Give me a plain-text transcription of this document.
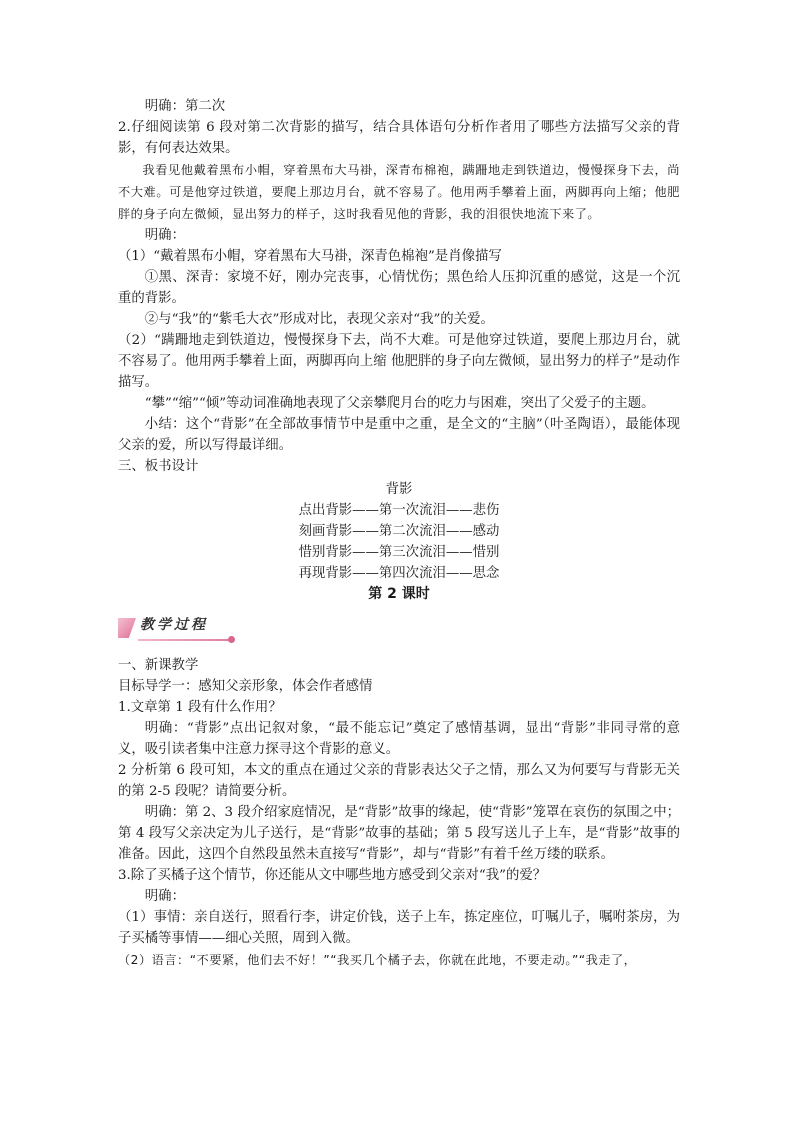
明确：第二次

2.仔细阅读第 6 段对第二次背影的描写，结合具体语句分析作者用了哪些方法描写父亲的背影，有何表达效果。

我看见他戴着黑布小帽，穿着黑布大马褂，深青布棉袍，蹒跚地走到铁道边，慢慢探身下去，尚不大难。可是他穿过铁道，要爬上那边月台，就不容易了。他用两手攀着上面，两脚再向上缩；他肥胖的身子向左微倾，显出努力的样子，这时我看见他的背影，我的泪很快地流下来了。

明确：

（1）“戴着黑布小帽，穿着黑布大马褂，深青色棉袍”是肖像描写

①黑、深青：家境不好，刚办完丧事，心情忧伤；黑色给人压抑沉重的感觉，这是一个沉重的背影。

②与“我”的“紫毛大衣”形成对比，表现父亲对“我”的关爱。

（2）“蹒跚地走到铁道边，慢慢探身下去，尚不大难。可是他穿过铁道，要爬上那边月台，就不容易了。他用两手攀着上面，两脚再向上缩 他肥胖的身子向左微倾，显出努力的样子”是动作描写。

“攀”“缩”“倾”等动词准确地表现了父亲攀爬月台的吃力与困难，突出了父爱子的主题。

小结：这个“背影”在全部故事情节中是重中之重，是全文的“主脑”（叶圣陶语），最能体现父亲的爱，所以写得最详细。

三、板书设计

背影
点出背影——第一次流泪——悲伤
刻画背影——第二次流泪——感动
惜别背影——第三次流泪——惜别
再现背影——第四次流泪——思念

第 2 课时

教学过程

一、新课教学

目标导学一：感知父亲形象，体会作者感情

1.文章第 1 段有什么作用？

明确：“背影”点出记叙对象，“最不能忘记”奠定了感情基调，显出“背影”非同寻常的意义，吸引读者集中注意力探寻这个背影的意义。

2 分析第 6 段可知，本文的重点在通过父亲的背影表达父子之情，那么又为何要写与背影无关的第 2-5 段呢？请简要分析。

明确：第 2、3 段介绍家庭情况，是“背影”故事的缘起，使“背影”笼罩在哀伤的氛围之中；第 4 段写父亲决定为儿子送行，是“背影”故事的基础；第 5 段写送儿子上车，是“背影”故事的准备。因此，这四个自然段虽然未直接写“背影”，却与“背影”有着千丝万缕的联系。

3.除了买橘子这个情节，你还能从文中哪些地方感受到父亲对“我”的爱？

明确：

（1）事情：亲自送行，照看行李，讲定价钱，送子上车，拣定座位，叮嘱儿子，嘱咐茶房，为子买橘等事情——细心关照，周到入微。

（2）语言：“不要紧，他们去不好！”“我买几个橘子去，你就在此地，不要走动。”“我走了，
